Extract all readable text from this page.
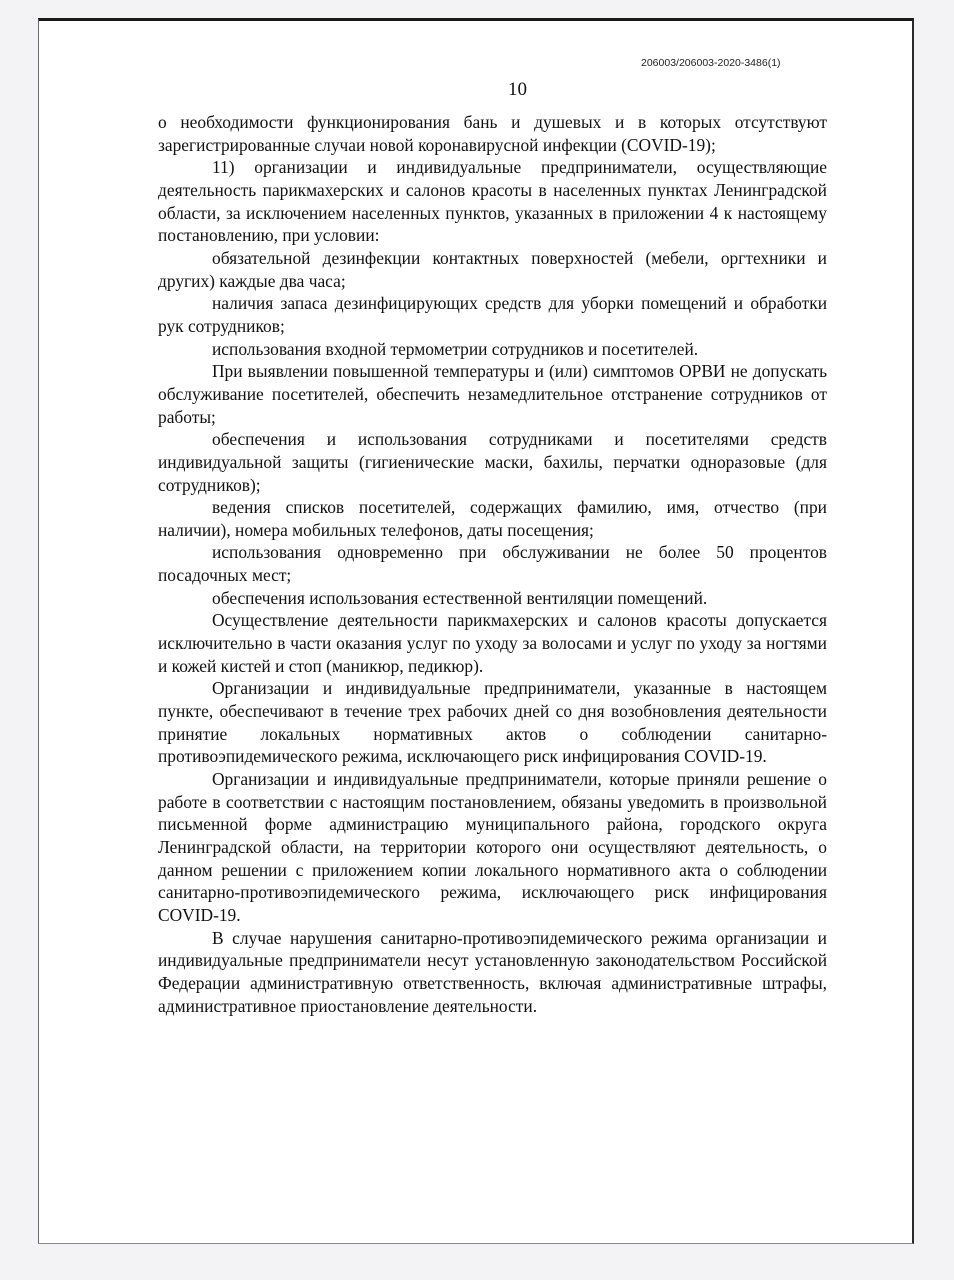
206003/206003-2020-3486(1)
10

о необходимости функционирования бань и душевых и в которых отсутствуют зарегистрированные случаи новой коронавирусной инфекции (COVID-19);

11) организации и индивидуальные предприниматели, осуществляющие деятельность парикмахерских и салонов красоты в населенных пунктах Ленинградской области, за исключением населенных пунктов, указанных в приложении 4 к настоящему постановлению, при условии:

обязательной дезинфекции контактных поверхностей (мебели, оргтехники и других) каждые два часа;

наличия запаса дезинфицирующих средств для уборки помещений и обработки рук сотрудников;

использования входной термометрии сотрудников и посетителей.

При выявлении повышенной температуры и (или) симптомов ОРВИ не допускать обслуживание посетителей, обеспечить незамедлительное отстранение сотрудников от работы;

обеспечения и использования сотрудниками и посетителями средств индивидуальной защиты (гигиенические маски, бахилы, перчатки одноразовые (для сотрудников);

ведения списков посетителей, содержащих фамилию, имя, отчество (при наличии), номера мобильных телефонов, даты посещения;

использования одновременно при обслуживании не более 50 процентов посадочных мест;

обеспечения использования естественной вентиляции помещений.

Осуществление деятельности парикмахерских и салонов красоты допускается исключительно в части оказания услуг по уходу за волосами и услуг по уходу за ногтями и кожей кистей и стоп (маникюр, педикюр).

Организации и индивидуальные предприниматели, указанные в настоящем пункте, обеспечивают в течение трех рабочих дней со дня возобновления деятельности принятие локальных нормативных актов о соблюдении санитарно-противоэпидемического режима, исключающего риск инфицирования COVID-19.

Организации и индивидуальные предприниматели, которые приняли решение о работе в соответствии с настоящим постановлением, обязаны уведомить в произвольной письменной форме администрацию муниципального района, городского округа Ленинградской области, на территории которого они осуществляют деятельность, о данном решении с приложением копии локального нормативного акта о соблюдении санитарно-противоэпидемического режима, исключающего риск инфицирования COVID-19.

В случае нарушения санитарно-противоэпидемического режима организации и индивидуальные предприниматели несут установленную законодательством Российской Федерации административную ответственность, включая административные штрафы, административное приостановление деятельности.
